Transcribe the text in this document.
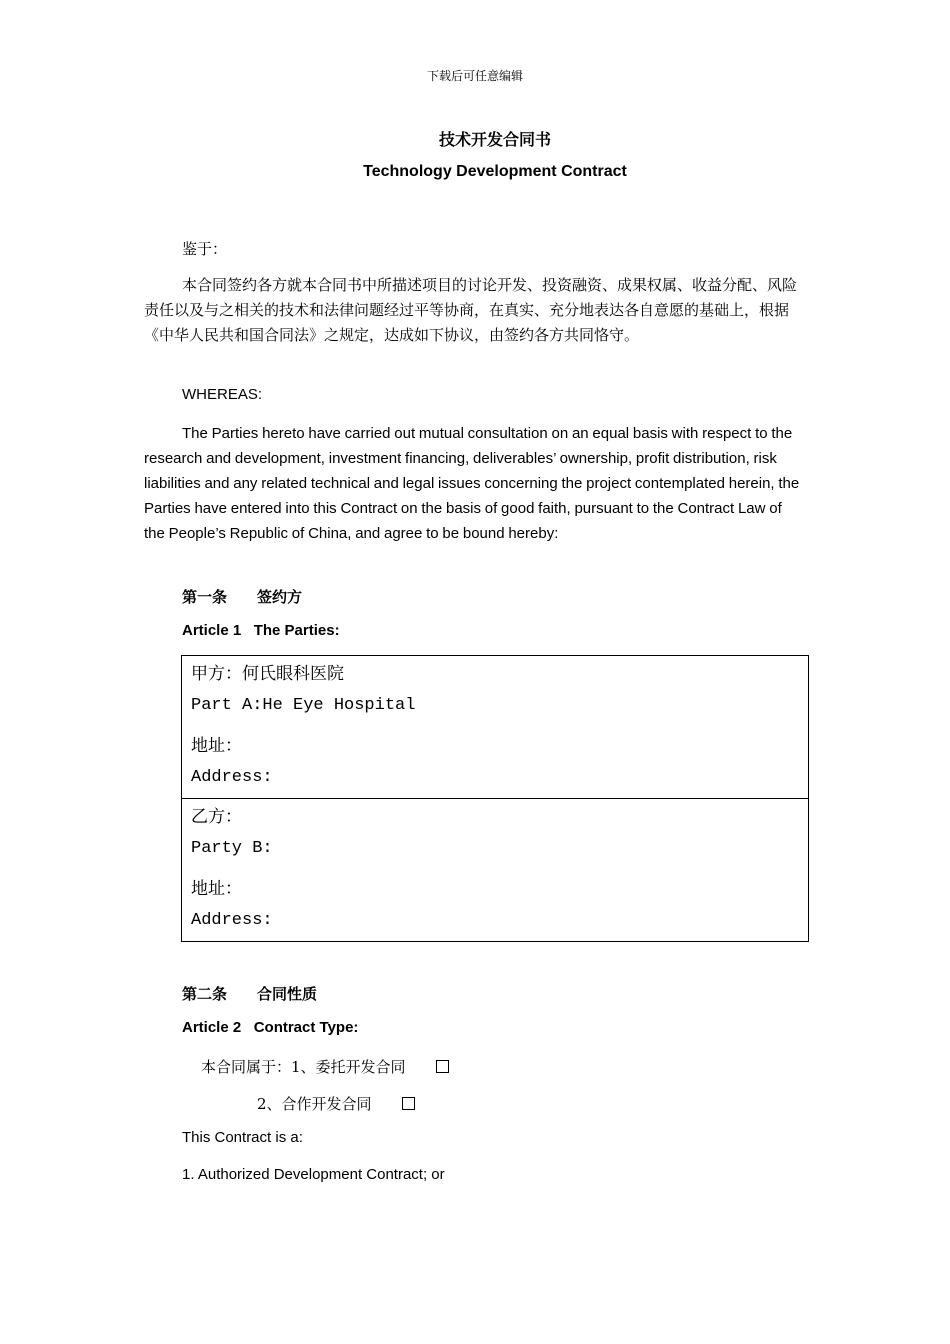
下载后可任意编辑
技术开发合同书
Technology Development Contract
鉴于：
本合同签约各方就本合同书中所描述项目的讨论开发、投资融资、成果权属、收益分配、风险责任以及与之相关的技术和法律问题经过平等协商，在真实、充分地表达各自意愿的基础上，根据《中华人民共和国合同法》之规定，达成如下协议，由签约各方共同恪守。
WHEREAS:
The Parties hereto have carried out mutual consultation on an equal basis with respect to the research and development, investment financing, deliverables’ ownership, profit distribution, risk liabilities and any related technical and legal issues concerning the project contemplated herein, the Parties have entered into this Contract on the basis of good faith, pursuant to the Contract Law of the People’s Republic of China, and agree to be bound hereby:
第一条　　签约方
Article 1   The Parties:
甲方：何氏眼科医院
Part A:He Eye Hospital
地址：
Address:
乙方：
Party B:
地址：
Address:
第二条　　合同性质
Article 2   Contract Type:
本合同属于：1、委托开发合同
2、合作开发合同
This Contract is a:
1. Authorized Development Contract; or
